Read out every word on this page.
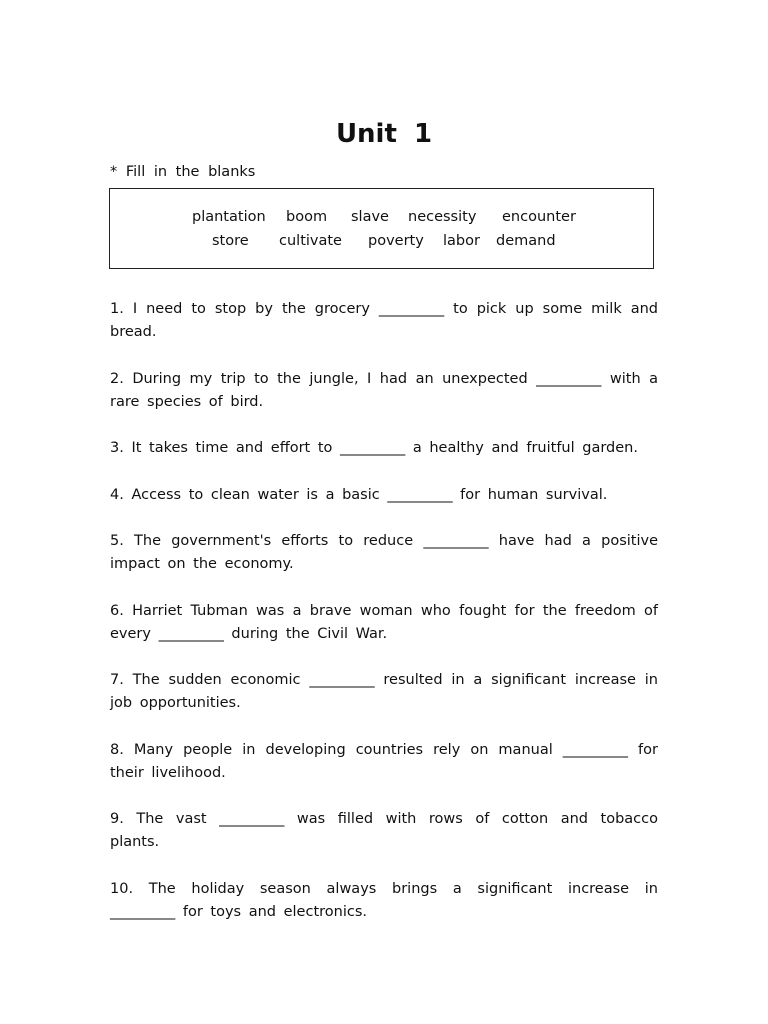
Unit 1
* Fill in the blanks
plantation boom slave necessity encounter
store cultivate poverty labor demand

1. I need to stop by the grocery _________ to pick up some milk and bread.

2. During my trip to the jungle, I had an unexpected _________ with a rare species of bird.

3. It takes time and effort to _________ a healthy and fruitful garden.

4. Access to clean water is a basic _________ for human survival.

5. The government's efforts to reduce _________ have had a positive impact on the economy.

6. Harriet Tubman was a brave woman who fought for the freedom of every _________ during the Civil War.

7. The sudden economic _________ resulted in a significant increase in job opportunities.

8. Many people in developing countries rely on manual _________ for their livelihood.

9. The vast _________ was filled with rows of cotton and tobacco plants.

10. The holiday season always brings a significant increase in _________ for toys and electronics.
